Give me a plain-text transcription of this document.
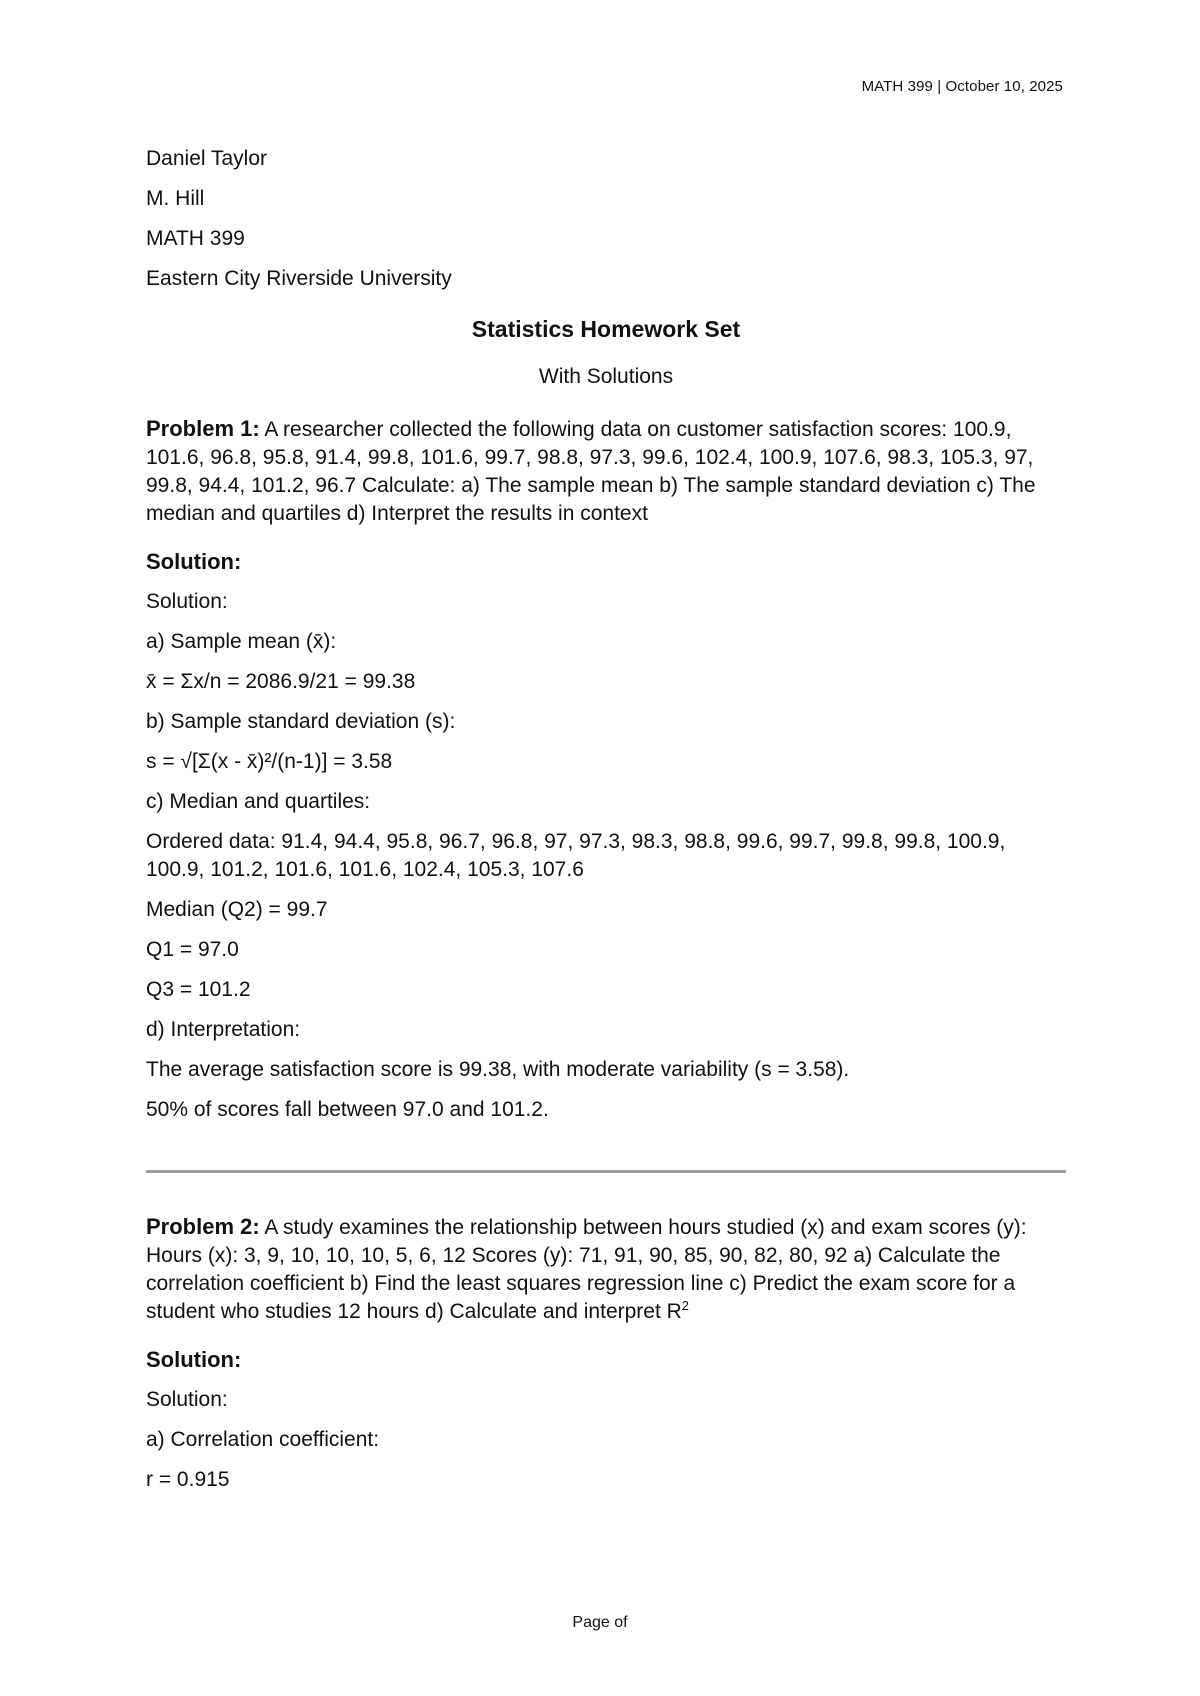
MATH 399 | October 10, 2025
Daniel Taylor
M. Hill
MATH 399
Eastern City Riverside University
Statistics Homework Set
With Solutions
Problem 1: A researcher collected the following data on customer satisfaction scores: 100.9, 101.6, 96.8, 95.8, 91.4, 99.8, 101.6, 99.7, 98.8, 97.3, 99.6, 102.4, 100.9, 107.6, 98.3, 105.3, 97, 99.8, 94.4, 101.2, 96.7 Calculate: a) The sample mean b) The sample standard deviation c) The median and quartiles d) Interpret the results in context
Solution:
Solution:
a) Sample mean (x̄):
x̄ = Σx/n = 2086.9/21 = 99.38
b) Sample standard deviation (s):
s = √[Σ(x - x̄)²/(n-1)] = 3.58
c) Median and quartiles:
Ordered data: 91.4, 94.4, 95.8, 96.7, 96.8, 97, 97.3, 98.3, 98.8, 99.6, 99.7, 99.8, 99.8, 100.9, 100.9, 101.2, 101.6, 101.6, 102.4, 105.3, 107.6
Median (Q2) = 99.7
Q1 = 97.0
Q3 = 101.2
d) Interpretation:
The average satisfaction score is 99.38, with moderate variability (s = 3.58).
50% of scores fall between 97.0 and 101.2.
Problem 2: A study examines the relationship between hours studied (x) and exam scores (y): Hours (x): 3, 9, 10, 10, 10, 5, 6, 12 Scores (y): 71, 91, 90, 85, 90, 82, 80, 92 a) Calculate the correlation coefficient b) Find the least squares regression line c) Predict the exam score for a student who studies 12 hours d) Calculate and interpret $R^2$
Solution:
Solution:
a) Correlation coefficient:
r = 0.915
Page of
